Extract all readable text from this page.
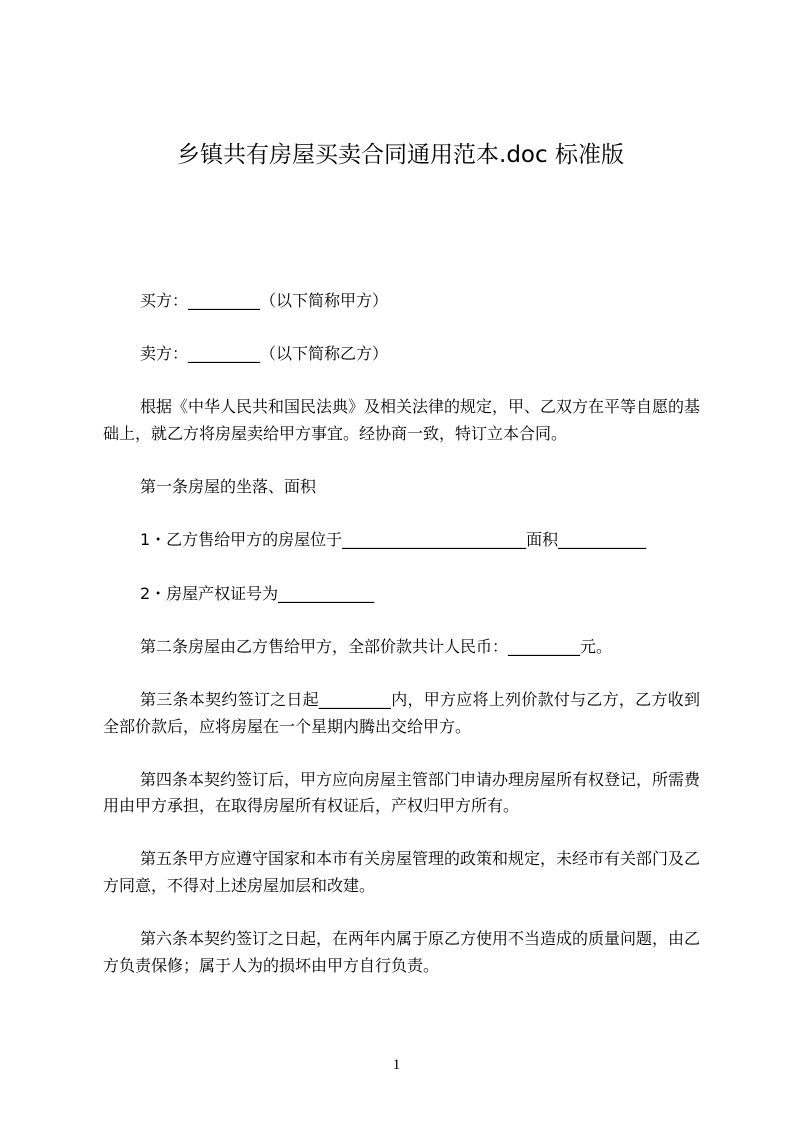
乡镇共有房屋买卖合同通用范本.doc 标准版

买方：_________（以下简称甲方）

卖方：_________（以下简称乙方）

根据《中华人民共和国民法典》及相关法律的规定，甲、乙双方在平等自愿的基础上，就乙方将房屋卖给甲方事宜。经协商一致，特订立本合同。

第一条房屋的坐落、面积

1・乙方售给甲方的房屋位于_______________________面积___________

2・房屋产权证号为____________

第二条房屋由乙方售给甲方，全部价款共计人民币：_________元。

第三条本契约签订之日起_________内，甲方应将上列价款付与乙方，乙方收到全部价款后，应将房屋在一个星期内腾出交给甲方。

第四条本契约签订后，甲方应向房屋主管部门申请办理房屋所有权登记，所需费用由甲方承担，在取得房屋所有权证后，产权归甲方所有。

第五条甲方应遵守国家和本市有关房屋管理的政策和规定，未经市有关部门及乙方同意，不得对上述房屋加层和改建。

第六条本契约签订之日起，在两年内属于原乙方使用不当造成的质量问题，由乙方负责保修；属于人为的损坏由甲方自行负责。

1
